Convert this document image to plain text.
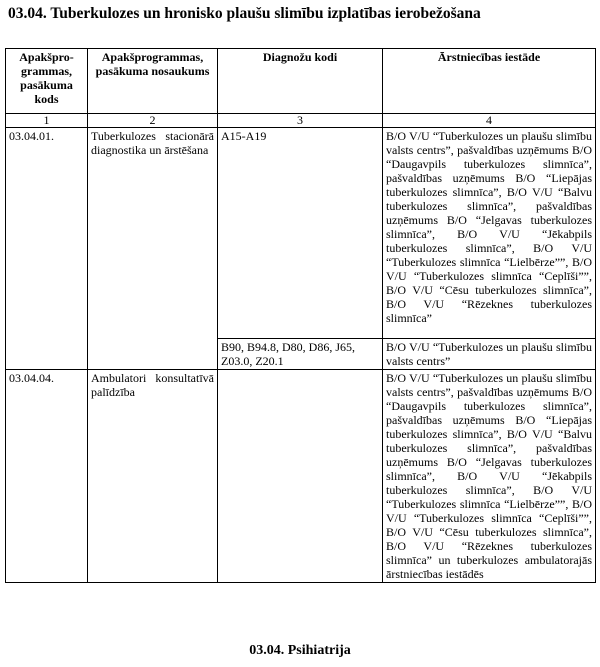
03.04. Tuberkulozes un hronisko plaušu slimību izplatības ierobežošana
Apakšpro-grammas, pasākuma kods	Apakšprogrammas, pasākuma nosaukums	Diagnožu kodi	Ārstniecības iestāde
1	2	3	4
03.04.01.	Tuberkulozes stacionārā diagnostika un ārstēšana	A15-A19	B/O V/U “Tuberkulozes un plaušu slimību valsts centrs”, pašvaldības uzņēmums B/O “Daugavpils tuberkulozes slimnīca”, pašvaldības uzņēmums B/O “Liepājas tuberkulozes slimnīca”, B/O V/U “Balvu tuberkulozes slimnīca”, pašvaldības uzņēmums B/O “Jelgavas tuberkulozes slimnīca”, B/O V/U “Jēkabpils tuberkulozes slimnīca”, B/O V/U “Tuberkulozes slimnīca “Lielbērze””, B/O V/U “Tuberkulozes slimnīca “Ceplīši””, B/O V/U “Cēsu tuberkulozes slimnīca”, B/O V/U “Rēzeknes tuberkulozes slimnīca”
		B90, B94.8, D80, D86, J65, Z03.0, Z20.1	B/O V/U “Tuberkulozes un plaušu slimību valsts centrs”
03.04.04.	Ambulatori konsultatīvā palīdzība		B/O V/U “Tuberkulozes un plaušu slimību valsts centrs”, pašvaldības uzņēmums B/O “Daugavpils tuberkulozes slimnīca”, pašvaldības uzņēmums B/O “Liepājas tuberkulozes slimnīca”, B/O V/U “Balvu tuberkulozes slimnīca”, pašvaldības uzņēmums B/O “Jelgavas tuberkulozes slimnīca”, B/O V/U “Jēkabpils tuberkulozes slimnīca”, B/O V/U “Tuberkulozes slimnīca “Lielbērze””, B/O V/U “Tuberkulozes slimnīca “Ceplīši””, B/O V/U “Cēsu tuberkulozes slimnīca”, B/O V/U “Rēzeknes tuberkulozes slimnīca” un tuberkulozes ambulatorajās ārstniecības iestādēs
03.04. Psihiatrija
